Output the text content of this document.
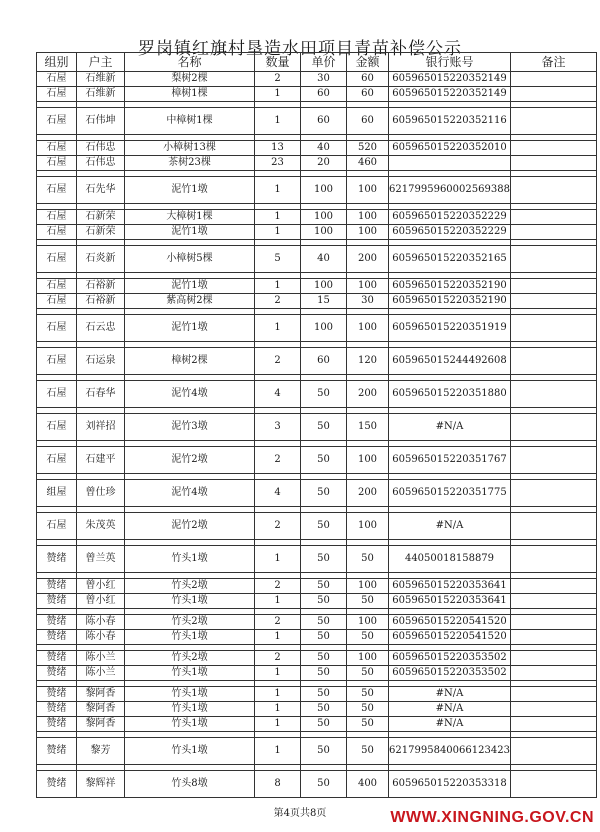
罗岗镇红旗村垦造水田项目青苗补偿公示
组别	户主	名称	数量	单价	金额	银行账号	备注
石屋	石维新	梨树2棵	2	30	60	605965015220352149	
石屋	石维新	樟树1棵	1	60	60	605965015220352149	

石屋	石伟坤	中樟树1棵	1	60	60	605965015220352116	

石屋	石伟忠	小樟树13棵	13	40	520	605965015220352010	
石屋	石伟忠	茶树23棵	23	20	460		

石屋	石先华	泥竹1墩	1	100	100	6217995960002569388	

石屋	石新荣	大樟树1棵	1	100	100	605965015220352229	
石屋	石新荣	泥竹1墩	1	100	100	605965015220352229	

石屋	石炎新	小樟树5棵	5	40	200	605965015220352165	

石屋	石裕新	泥竹1墩	1	100	100	605965015220352190	
石屋	石裕新	紫高树2棵	2	15	30	605965015220352190	

石屋	石云忠	泥竹1墩	1	100	100	605965015220351919	

石屋	石运泉	樟树2棵	2	60	120	605965015244492608	

石屋	石春华	泥竹4墩	4	50	200	605965015220351880	

石屋	刘祥招	泥竹3墩	3	50	150	#N/A	

石屋	石建平	泥竹2墩	2	50	100	605965015220351767	

组屋	曾仕珍	泥竹4墩	4	50	200	605965015220351775	

石屋	朱茂英	泥竹2墩	2	50	100	#N/A	

赞绪	曾兰英	竹头1墩	1	50	50	44050018158879	

赞绪	曾小红	竹头2墩	2	50	100	605965015220353641	
赞绪	曾小红	竹头1墩	1	50	50	605965015220353641	

赞绪	陈小春	竹头2墩	2	50	100	605965015220541520	
赞绪	陈小春	竹头1墩	1	50	50	605965015220541520	

赞绪	陈小兰	竹头2墩	2	50	100	605965015220353502	
赞绪	陈小兰	竹头1墩	1	50	50	605965015220353502	

赞绪	黎阿香	竹头1墩	1	50	50	#N/A	
赞绪	黎阿香	竹头1墩	1	50	50	#N/A	
赞绪	黎阿香	竹头1墩	1	50	50	#N/A	

赞绪	黎芳	竹头1墩	1	50	50	6217995840066123423	

赞绪	黎辉祥	竹头8墩	8	50	400	605965015220353318	
第4页共8页	WWW.XINGNING.GOV.CN
